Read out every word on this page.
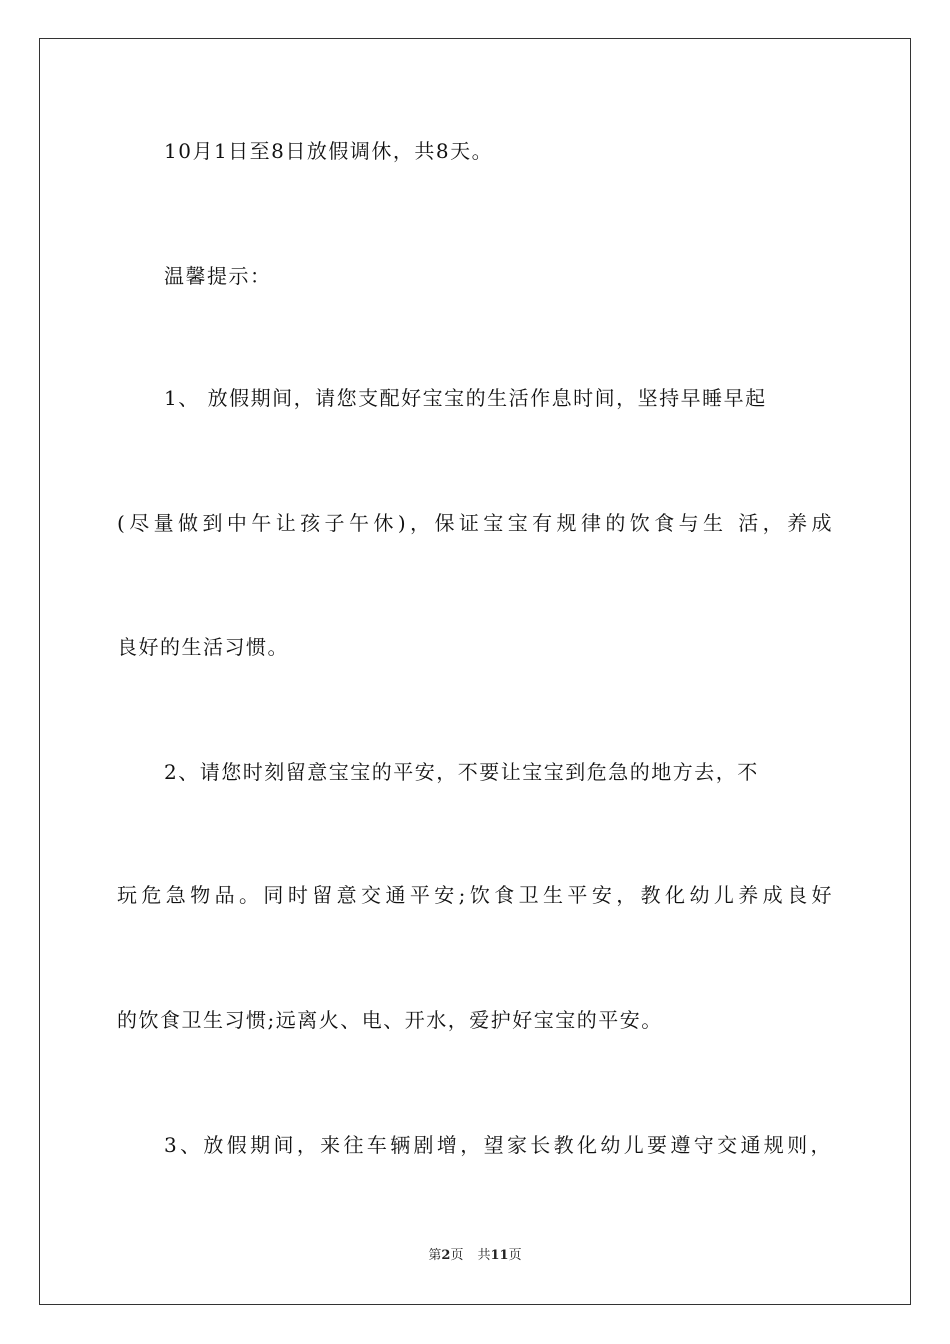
10月1日至8日放假调休，共8天。
温馨提示：
1、 放假期间，请您支配好宝宝的生活作息时间，坚持早睡早起
(尽量做到中午让孩子午休)，保证宝宝有规律的饮食与生 活，养成
良好的生活习惯。
2、请您时刻留意宝宝的平安，不要让宝宝到危急的地方去，不
玩危急物品。同时留意交通平安;饮食卫生平安，教化幼儿养成良好
的饮食卫生习惯;远离火、电、开水，爱护好宝宝的平安。
3、放假期间，来往车辆剧增，望家长教化幼儿要遵守交通规则，
第2页 共11页
